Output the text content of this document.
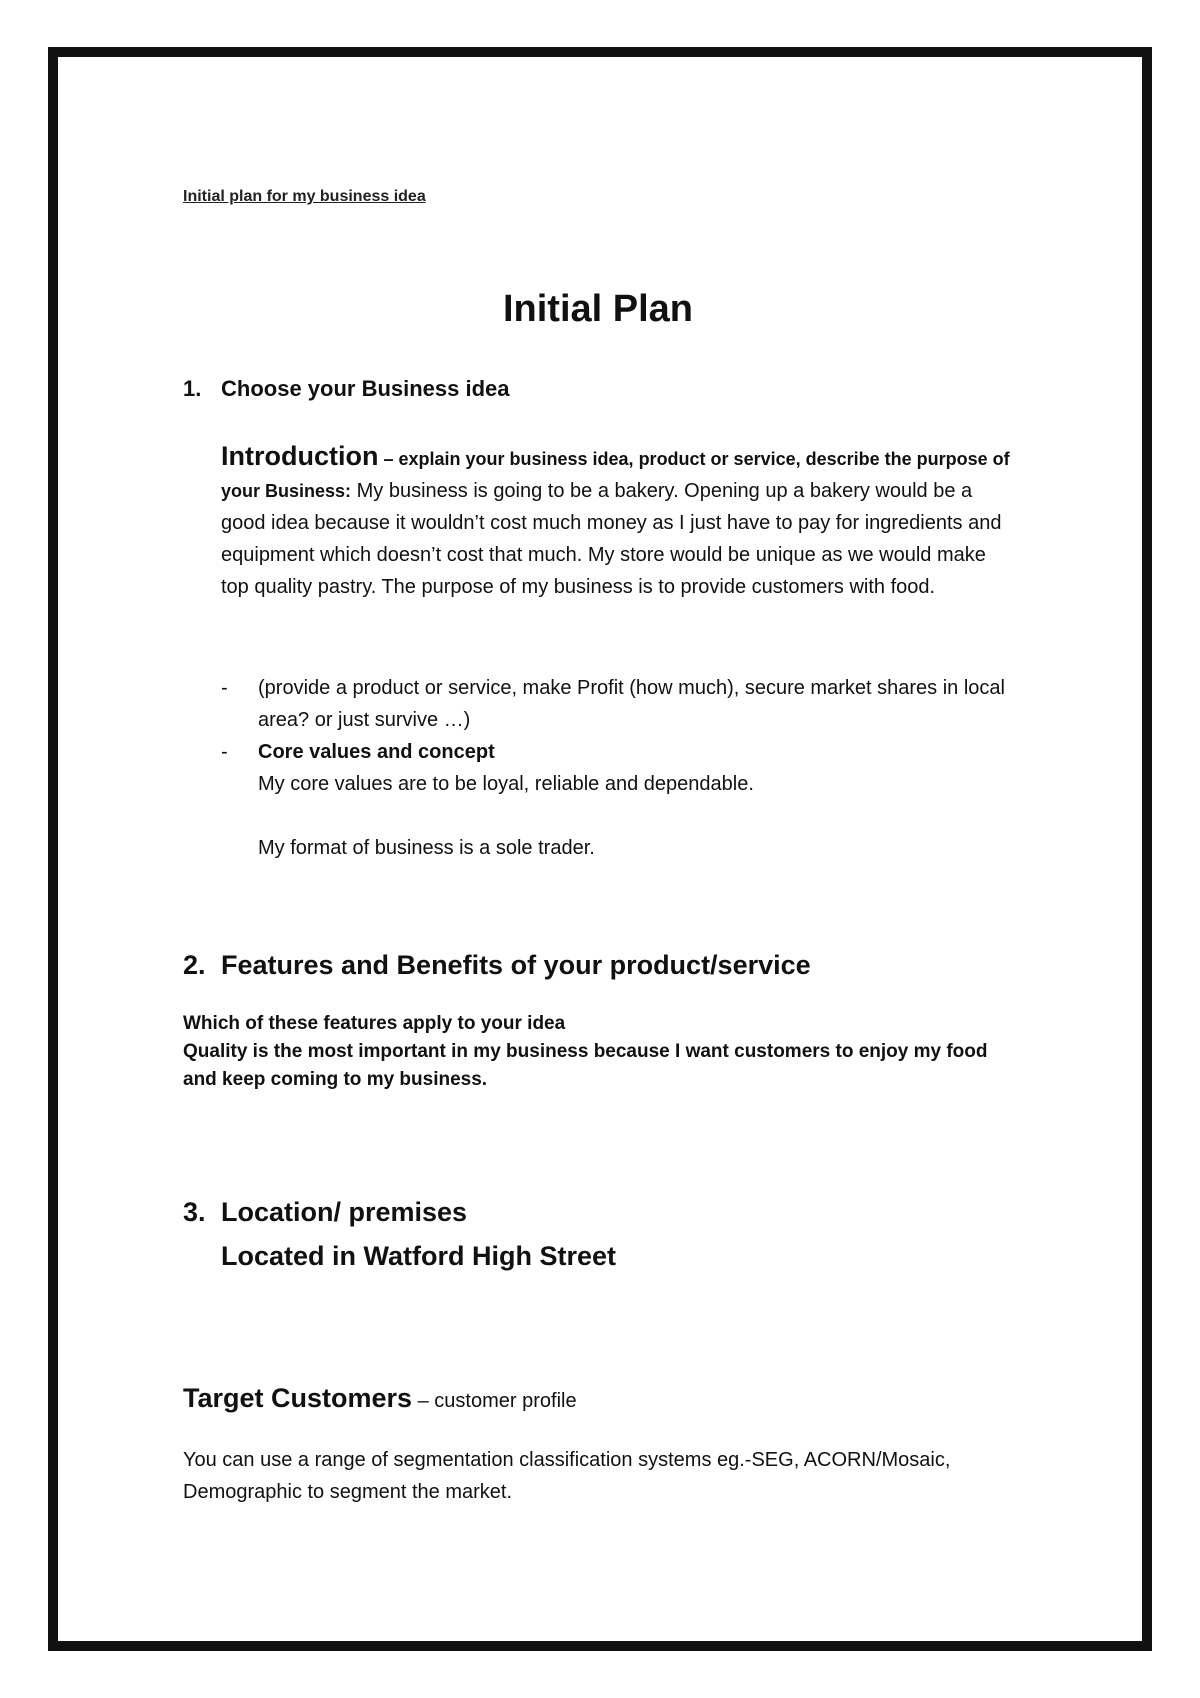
Initial plan for my business idea

Initial Plan
1. Choose your Business idea

Introduction – explain your business idea, product or service, describe the purpose of your Business: My business is going to be a bakery. Opening up a bakery would be a good idea because it wouldn’t cost much money as I just have to pay for ingredients and equipment which doesn’t cost that much. My store would be unique as we would make top quality pastry. The purpose of my business is to provide customers with food.

-	(provide a product or service, make Profit (how much), secure market shares in local area? or just survive …)
-	Core values and concept
My core values are to be loyal, reliable and dependable.
My format of business is a sole trader.
2. Features and Benefits of your product/service

Which of these features apply to your idea

Quality is the most important in my business because I want customers to enjoy my food and keep coming to my business.

3. Location/ premises
Located in Watford High Street

Target Customers – customer profile

You can use a range of segmentation classification systems eg.-SEG, ACORN/Mosaic, Demographic to segment the market.
